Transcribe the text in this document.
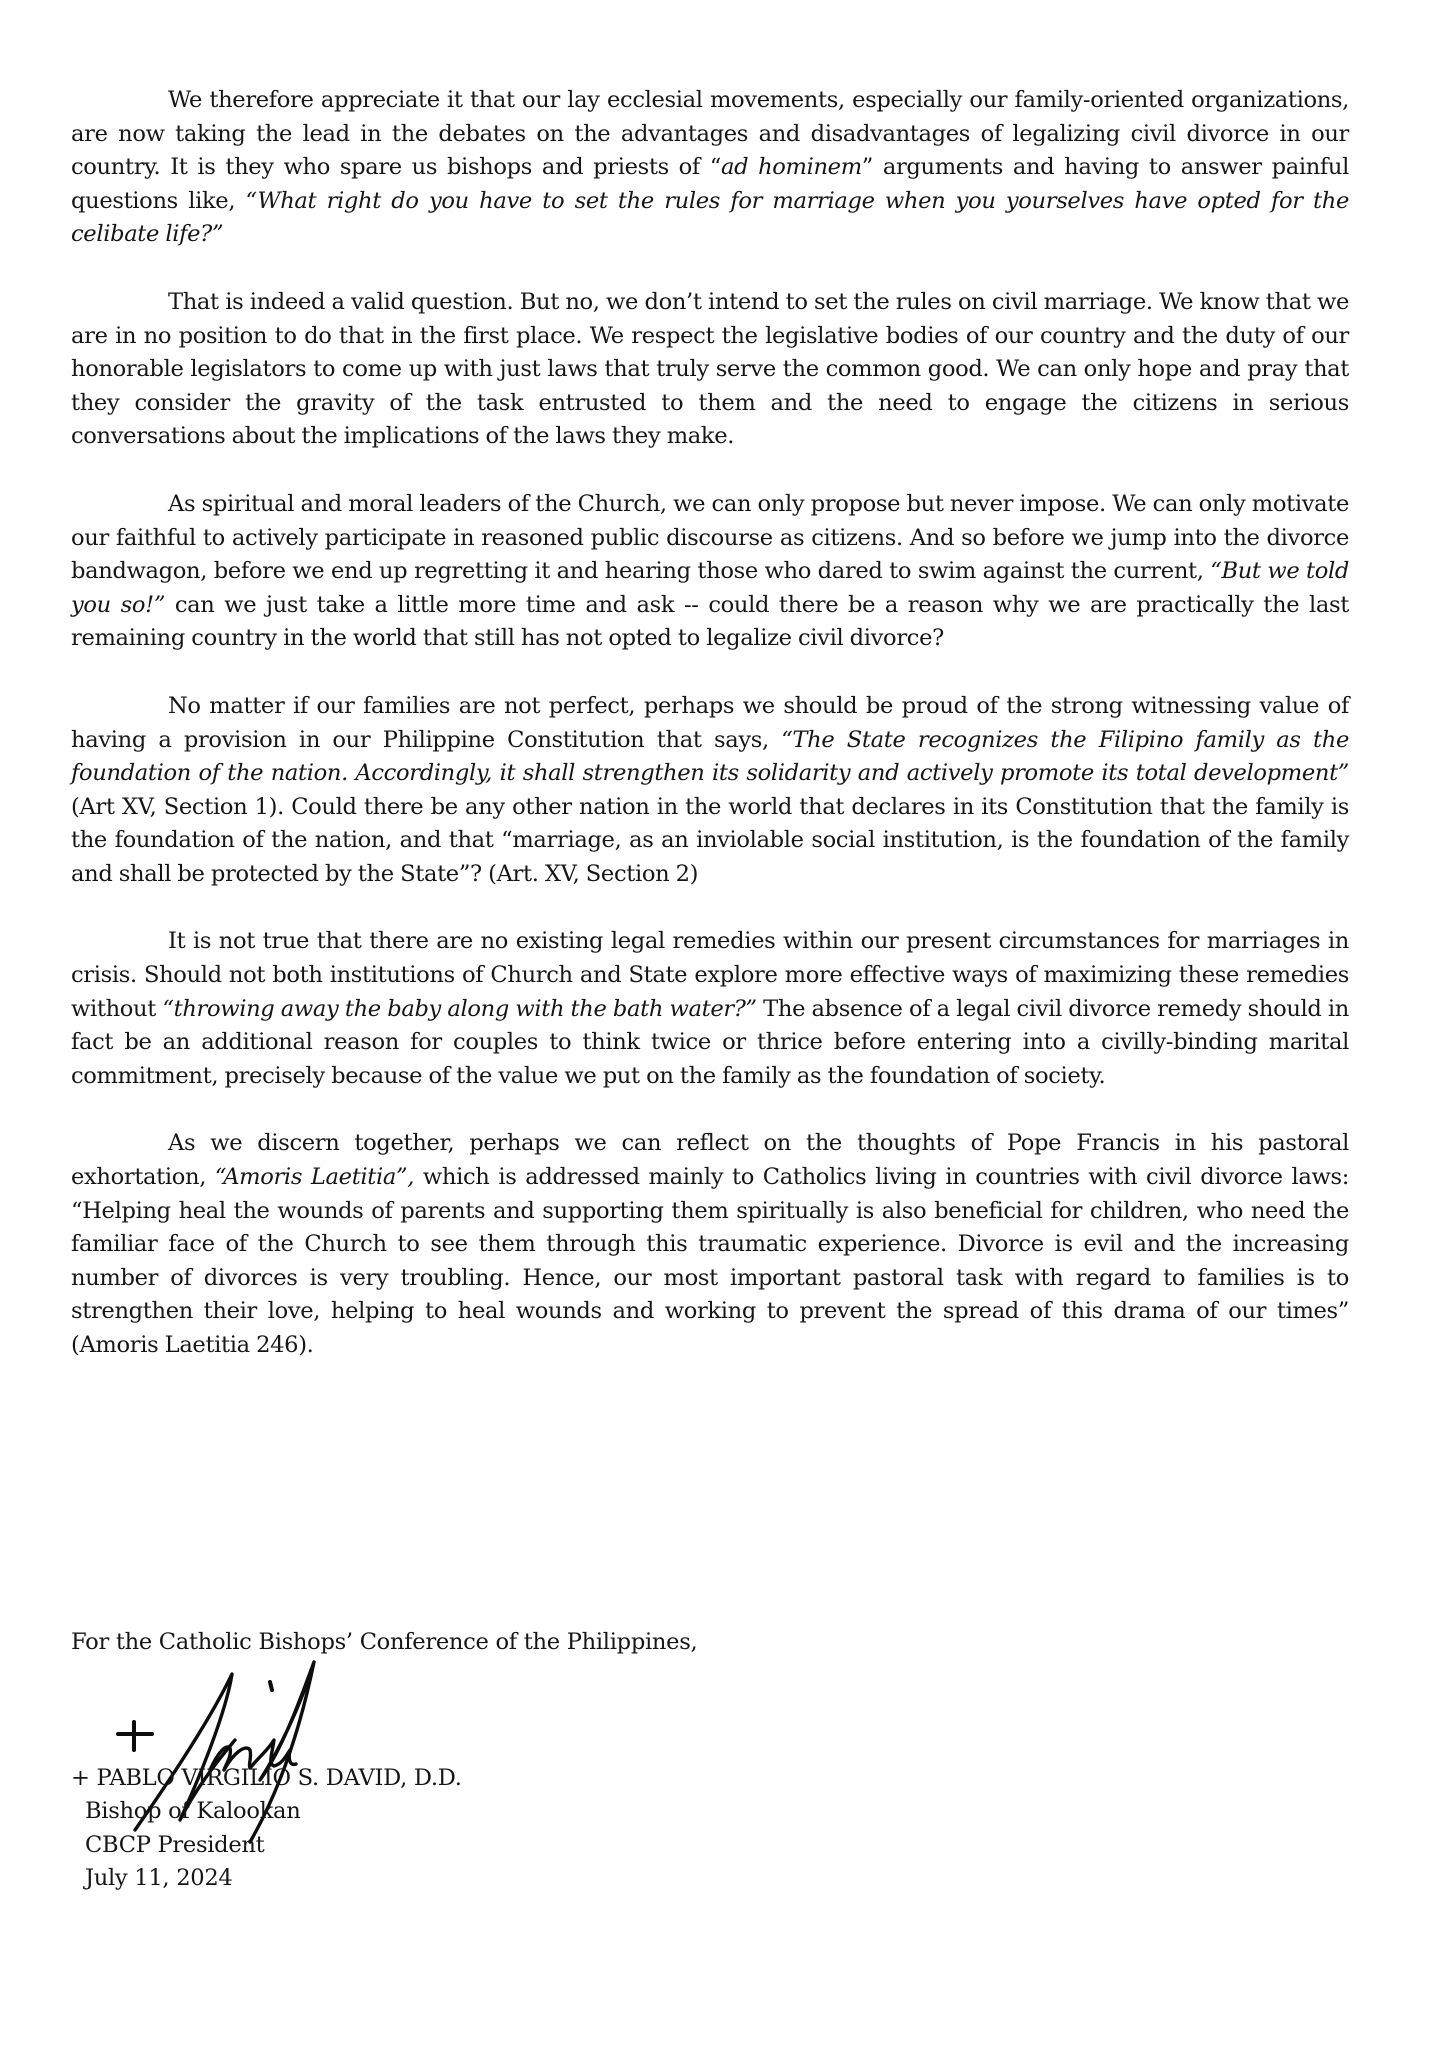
We therefore appreciate it that our lay ecclesial movements, especially our family-oriented organizations, are now taking the lead in the debates on the advantages and disadvantages of legalizing civil divorce in our country. It is they who spare us bishops and priests of “ad hominem” arguments and having to answer painful questions like, “What right do you have to set the rules for marriage when you yourselves have opted for the celibate life?”

That is indeed a valid question. But no, we don’t intend to set the rules on civil marriage. We know that we are in no position to do that in the first place. We respect the legislative bodies of our country and the duty of our honorable legislators to come up with just laws that truly serve the common good. We can only hope and pray that they consider the gravity of the task entrusted to them and the need to engage the citizens in serious conversations about the implications of the laws they make.

As spiritual and moral leaders of the Church, we can only propose but never impose. We can only motivate our faithful to actively participate in reasoned public discourse as citizens. And so before we jump into the divorce bandwagon, before we end up regretting it and hearing those who dared to swim against the current, “But we told you so!” can we just take a little more time and ask -- could there be a reason why we are practically the last remaining country in the world that still has not opted to legalize civil divorce?

No matter if our families are not perfect, perhaps we should be proud of the strong witnessing value of having a provision in our Philippine Constitution that says, “The State recognizes the Filipino family as the foundation of the nation. Accordingly, it shall strengthen its solidarity and actively promote its total development” (Art XV, Section 1). Could there be any other nation in the world that declares in its Constitution that the family is the foundation of the nation, and that “marriage, as an inviolable social institution, is the foundation of the family and shall be protected by the State”? (Art. XV, Section 2)

It is not true that there are no existing legal remedies within our present circumstances for marriages in crisis. Should not both institutions of Church and State explore more effective ways of maximizing these remedies without “throwing away the baby along with the bath water?” The absence of a legal civil divorce remedy should in fact be an additional reason for couples to think twice or thrice before entering into a civilly-binding marital commitment, precisely because of the value we put on the family as the foundation of society.

As we discern together, perhaps we can reflect on the thoughts of Pope Francis in his pastoral exhortation, “Amoris Laetitia”, which is addressed mainly to Catholics living in countries with civil divorce laws: “Helping heal the wounds of parents and supporting them spiritually is also beneficial for children, who need the familiar face of the Church to see them through this traumatic experience. Divorce is evil and the increasing number of divorces is very troubling. Hence, our most important pastoral task with regard to families is to strengthen their love, helping to heal wounds and working to prevent the spread of this drama of our times” (Amoris Laetitia 246).

For the Catholic Bishops’ Conference of the Philippines,

+ PABLO VIRGILIO S. DAVID, D.D.
Bishop of Kalookan
CBCP President
July 11, 2024
